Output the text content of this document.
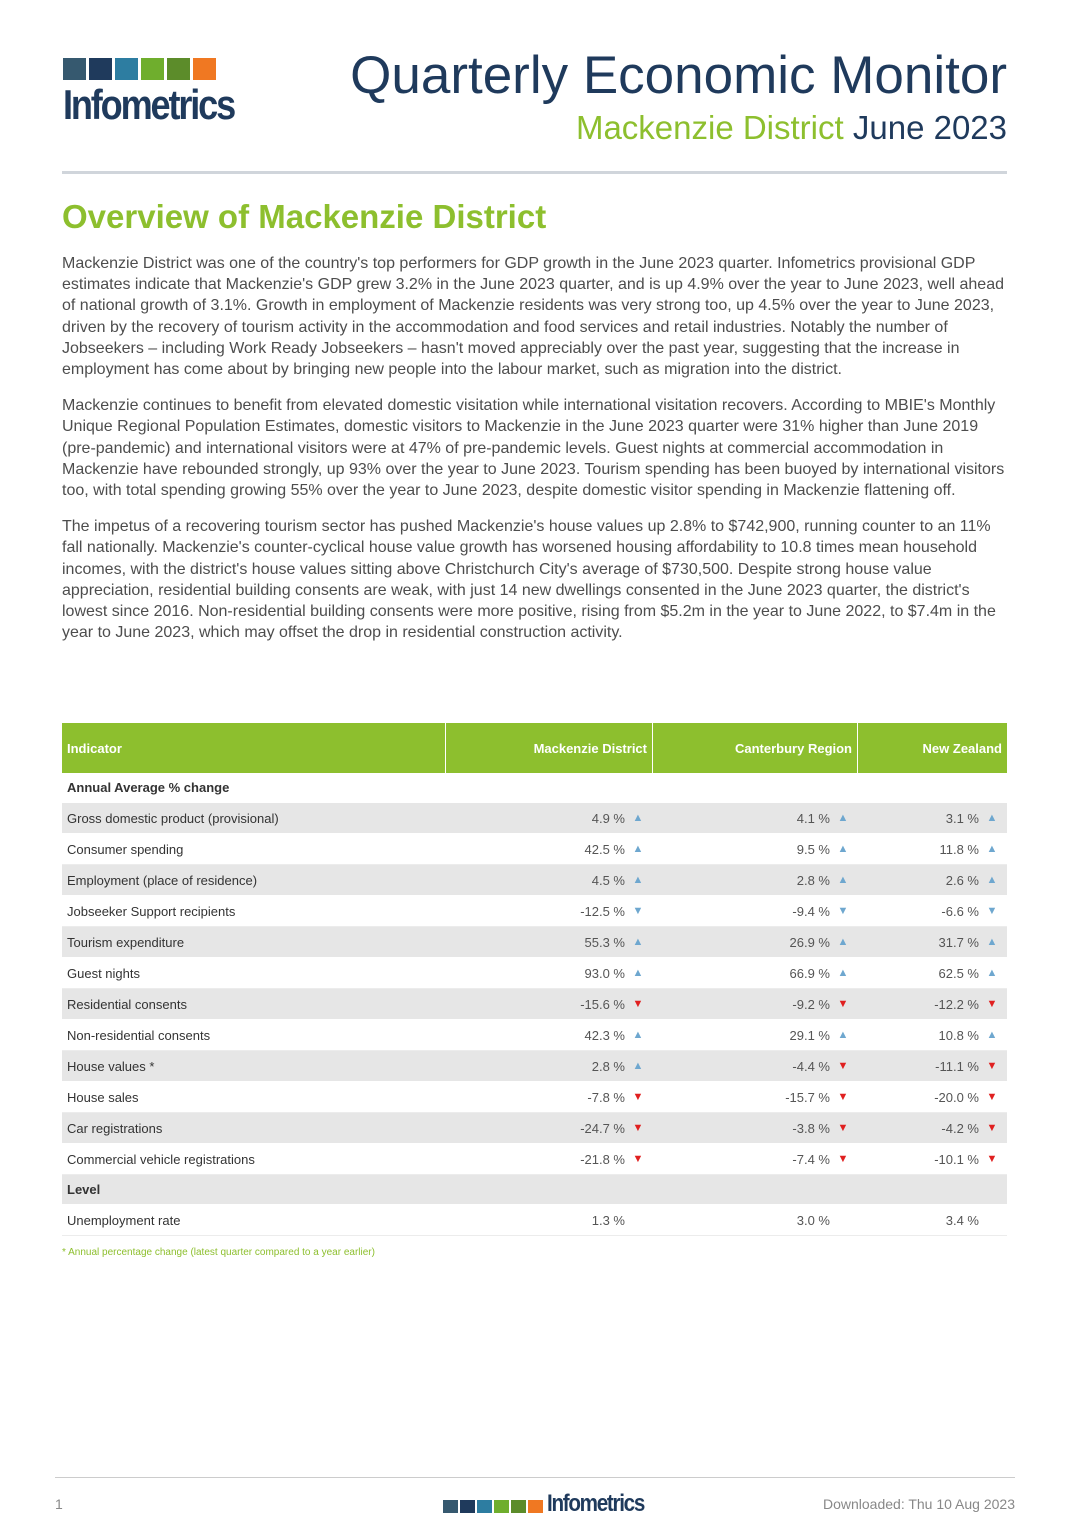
Infometrics Quarterly Economic Monitor
Mackenzie District June 2023
Overview of Mackenzie District

Mackenzie District was one of the country's top performers for GDP growth in the June 2023 quarter. Infometrics provisional GDP estimates indicate that Mackenzie's GDP grew 3.2% in the June 2023 quarter, and is up 4.9% over the year to June 2023, well ahead of national growth of 3.1%. Growth in employment of Mackenzie residents was very strong too, up 4.5% over the year to June 2023, driven by the recovery of tourism activity in the accommodation and food services and retail industries. Notably the number of Jobseekers – including Work Ready Jobseekers – hasn't moved appreciably over the past year, suggesting that the increase in employment has come about by bringing new people into the labour market, such as migration into the district.

Mackenzie continues to benefit from elevated domestic visitation while international visitation recovers. According to MBIE's Monthly Unique Regional Population Estimates, domestic visitors to Mackenzie in the June 2023 quarter were 31% higher than June 2019 (pre-pandemic) and international visitors were at 47% of pre-pandemic levels. Guest nights at commercial accommodation in Mackenzie have rebounded strongly, up 93% over the year to June 2023. Tourism spending has been buoyed by international visitors too, with total spending growing 55% over the year to June 2023, despite domestic visitor spending in Mackenzie flattening off.

The impetus of a recovering tourism sector has pushed Mackenzie's house values up 2.8% to $742,900, running counter to an 11% fall nationally. Mackenzie's counter-cyclical house value growth has worsened housing affordability to 10.8 times mean household incomes, with the district's house values sitting above Christchurch City's average of $730,500. Despite strong house value appreciation, residential building consents are weak, with just 14 new dwellings consented in the June 2023 quarter, the district's lowest since 2016. Non-residential building consents were more positive, rising from $5.2m in the year to June 2022, to $7.4m in the year to June 2023, which may offset the drop in residential construction activity.

Indicator	Mackenzie District	Canterbury Region	New Zealand
Annual Average % change
Gross domestic product (provisional)	4.9 % ▲	4.1 % ▲	3.1 % ▲
Consumer spending	42.5 % ▲	9.5 % ▲	11.8 % ▲
Employment (place of residence)	4.5 % ▲	2.8 % ▲	2.6 % ▲
Jobseeker Support recipients	-12.5 % ▼	-9.4 % ▼	-6.6 % ▼
Tourism expenditure	55.3 % ▲	26.9 % ▲	31.7 % ▲
Guest nights	93.0 % ▲	66.9 % ▲	62.5 % ▲
Residential consents	-15.6 % ▼	-9.2 % ▼	-12.2 % ▼
Non-residential consents	42.3 % ▲	29.1 % ▲	10.8 % ▲
House values *	2.8 % ▲	-4.4 % ▼	-11.1 % ▼
House sales	-7.8 % ▼	-15.7 % ▼	-20.0 % ▼
Car registrations	-24.7 % ▼	-3.8 % ▼	-4.2 % ▼
Commercial vehicle registrations	-21.8 % ▼	-7.4 % ▼	-10.1 % ▼
Level
Unemployment rate	1.3 %	3.0 %	3.4 %
* Annual percentage change (latest quarter compared to a year earlier)
1	Infometrics	Downloaded: Thu 10 Aug 2023
